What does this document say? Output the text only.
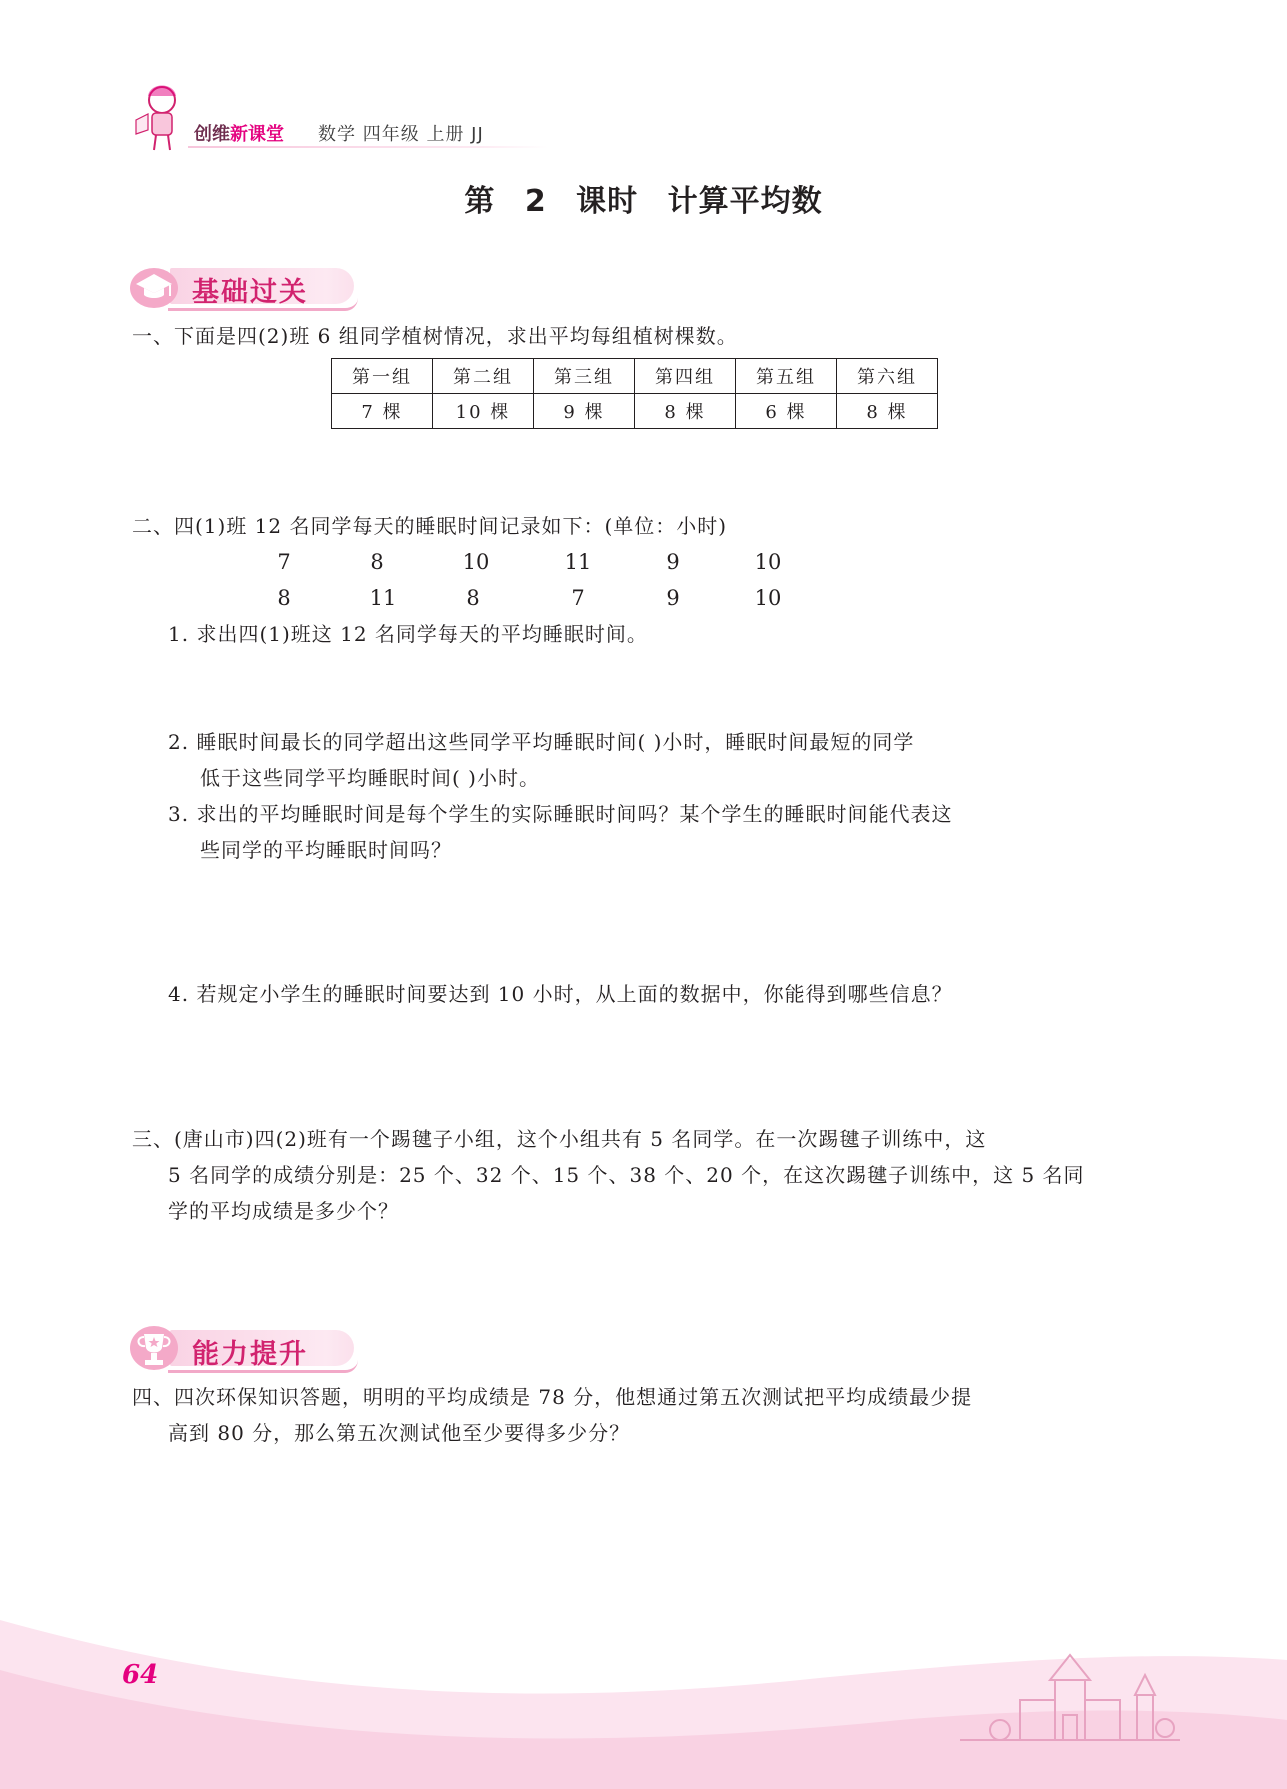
创维新课堂 数学 四年级 上册 JJ
第 2 课时 计算平均数
基础过关
一、下面是四(2)班 6 组同学植树情况，求出平均每组植树棵数。
第一组	第二组	第三组	第四组	第五组	第六组
7 棵	10 棵	9 棵	8 棵	6 棵	8 棵
二、四(1)班 12 名同学每天的睡眠时间记录如下：(单位：小时)
7	8	10	11	9	10
8	11	8	7	9	10
1. 求出四(1)班这 12 名同学每天的平均睡眠时间。
2. 睡眠时间最长的同学超出这些同学平均睡眠时间( )小时，睡眠时间最短的同学
低于这些同学平均睡眠时间( )小时。
3. 求出的平均睡眠时间是每个学生的实际睡眠时间吗？某个学生的睡眠时间能代表这
些同学的平均睡眠时间吗？
4. 若规定小学生的睡眠时间要达到 10 小时，从上面的数据中，你能得到哪些信息？
三、(唐山市)四(2)班有一个踢毽子小组，这个小组共有 5 名同学。在一次踢毽子训练中，这
5 名同学的成绩分别是：25 个、32 个、15 个、38 个、20 个，在这次踢毽子训练中，这 5 名同
学的平均成绩是多少个？
能力提升
四、四次环保知识答题，明明的平均成绩是 78 分，他想通过第五次测试把平均成绩最少提
高到 80 分，那么第五次测试他至少要得多少分？
64
